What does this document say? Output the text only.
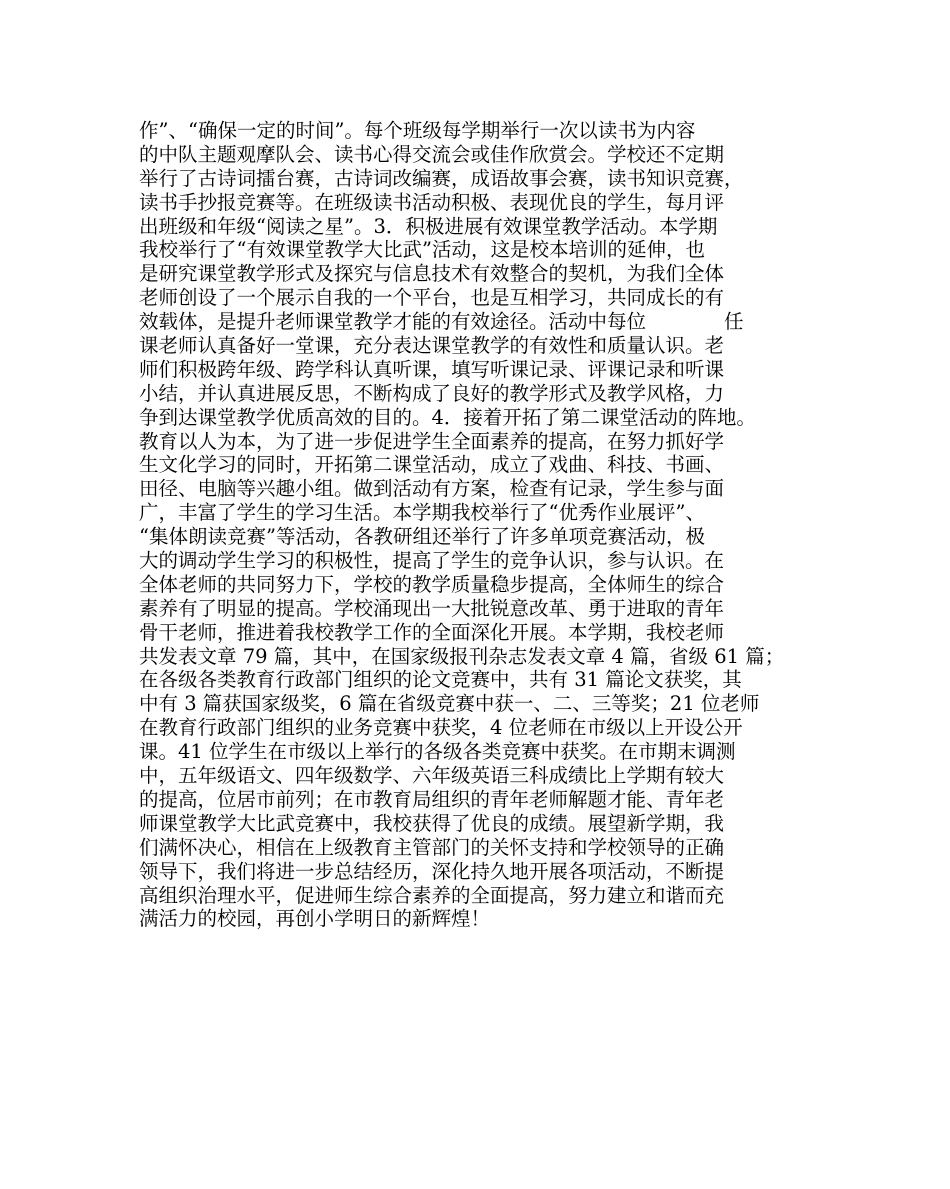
作”、“确保一定的时间”。每个班级每学期举行一次以读书为内容
的中队主题观摩队会、读书心得交流会或佳作欣赏会。学校还不定期
举行了古诗词擂台赛，古诗词改编赛，成语故事会赛，读书知识竞赛，
读书手抄报竞赛等。在班级读书活动积极、表现优良的学生，每月评
出班级和年级“阅读之星”。3．积极进展有效课堂教学活动。本学期
我校举行了“有效课堂教学大比武”活动，这是校本培训的延伸，也
是研究课堂教学形式及探究与信息技术有效整合的契机，为我们全体
老师创设了一个展示自我的一个平台，也是互相学习，共同成长的有
效载体，是提升老师课堂教学才能的有效途径。活动中每位　　　　任
课老师认真备好一堂课，充分表达课堂教学的有效性和质量认识。老
师们积极跨年级、跨学科认真听课，填写听课记录、评课记录和听课
小结，并认真进展反思，不断构成了良好的教学形式及教学风格，力
争到达课堂教学优质高效的目的。4．接着开拓了第二课堂活动的阵地。
教育以人为本，为了进一步促进学生全面素养的提高，在努力抓好学
生文化学习的同时，开拓第二课堂活动，成立了戏曲、科技、书画、
田径、电脑等兴趣小组。做到活动有方案，检查有记录，学生参与面
广，丰富了学生的学习生活。本学期我校举行了“优秀作业展评”、
“集体朗读竞赛”等活动，各教研组还举行了许多单项竞赛活动，极
大的调动学生学习的积极性，提高了学生的竞争认识，参与认识。在
全体老师的共同努力下，学校的教学质量稳步提高，全体师生的综合
素养有了明显的提高。学校涌现出一大批锐意改革、勇于进取的青年
骨干老师，推进着我校教学工作的全面深化开展。本学期，我校老师
共发表文章 79 篇，其中，在国家级报刊杂志发表文章 4 篇，省级 61 篇；
在各级各类教育行政部门组织的论文竞赛中，共有 31 篇论文获奖，其
中有 3 篇获国家级奖，6 篇在省级竞赛中获一、二、三等奖；21 位老师
在教育行政部门组织的业务竞赛中获奖，4 位老师在市级以上开设公开
课。41 位学生在市级以上举行的各级各类竞赛中获奖。在市期末调测
中，五年级语文、四年级数学、六年级英语三科成绩比上学期有较大
的提高，位居市前列；在市教育局组织的青年老师解题才能、青年老
师课堂教学大比武竞赛中，我校获得了优良的成绩。展望新学期，我
们满怀决心，相信在上级教育主管部门的关怀支持和学校领导的正确
领导下，我们将进一步总结经历，深化持久地开展各项活动，不断提
高组织治理水平，促进师生综合素养的全面提高，努力建立和谐而充
满活力的校园，再创小学明日的新辉煌！
